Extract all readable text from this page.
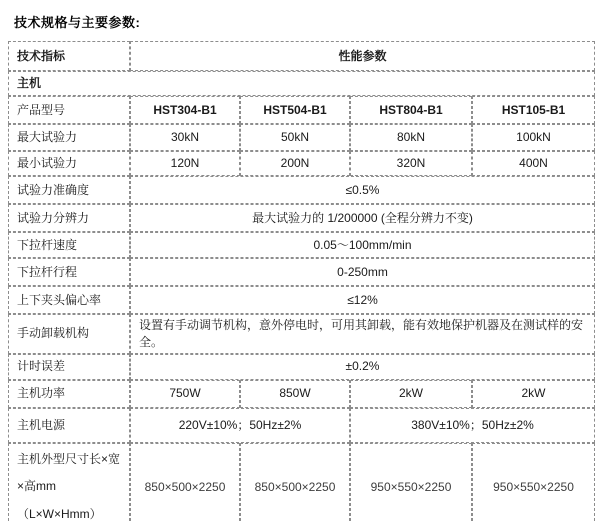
技术规格与主要参数:
技术指标	性能参数			
主机				
产品型号	HST304-B1	HST504-B1	HST804-B1	HST105-B1
最大试验力	30kN	50kN	80kN	100kN
最小试验力	120N	200N	320N	400N
试验力准确度	≤0.5%			
试验力分辨力	最大试验力的 1/200000 (全程分辨力不变)			
下拉杆速度	0.05～100mm/min			
下拉杆行程	0-250mm			
上下夹头偏心率	≤12%			
手动卸载机构	设置有手动调节机构，意外停电时，可用其卸载，能有效地保护机器及在测试样的安全。			
计时误差	±0.2%			
主机功率	750W	850W	2kW	2kW
主机电源	220V±10%；50Hz±2%		380V±10%；50Hz±2%	
主机外型尺寸长×宽×高mm（L×W×Hmm）	850×500×2250	850×500×2250	950×550×2250	950×550×2250
